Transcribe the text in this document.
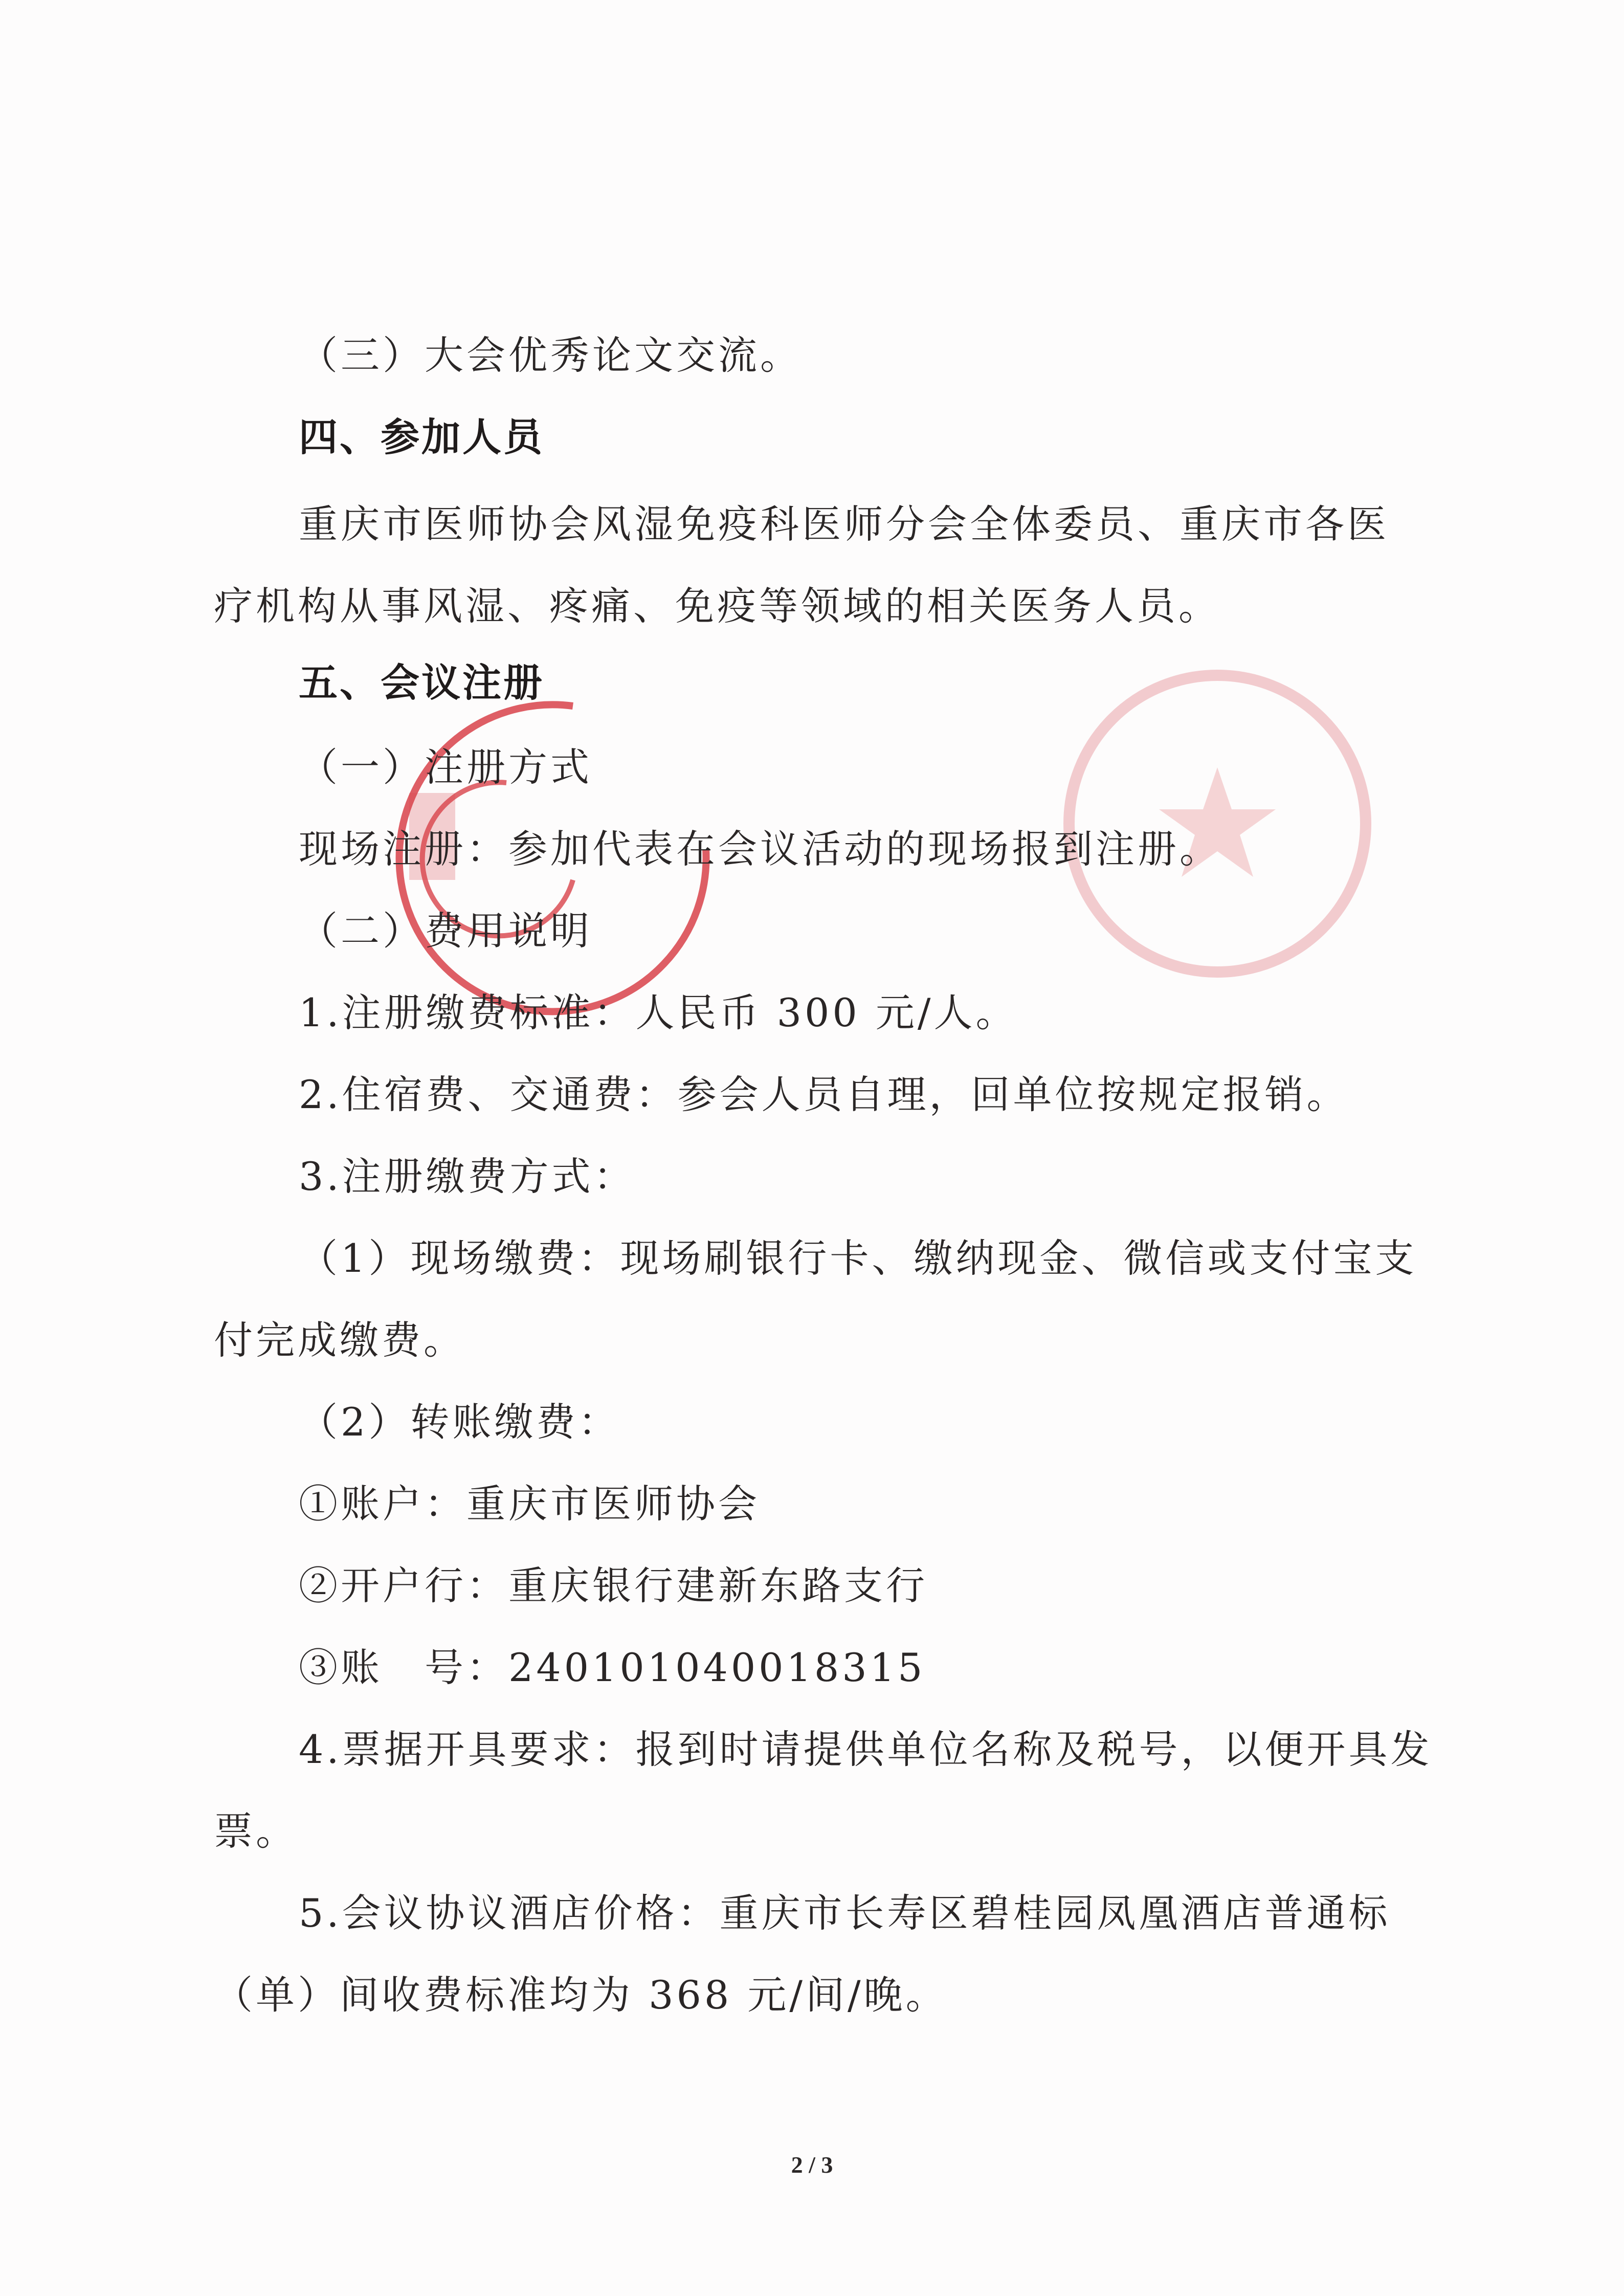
（三）大会优秀论文交流。
四、参加人员
重庆市医师协会风湿免疫科医师分会全体委员、重庆市各医
疗机构从事风湿、疼痛、免疫等领域的相关医务人员。
五、会议注册
（一）注册方式
现场注册：参加代表在会议活动的现场报到注册。
（二）费用说明
1.注册缴费标准：人民币 300 元/人。
2.住宿费、交通费：参会人员自理，回单位按规定报销。
3.注册缴费方式：
（1）现场缴费：现场刷银行卡、缴纳现金、微信或支付宝支
付完成缴费。
（2）转账缴费：
①账户：重庆市医师协会
②开户行：重庆银行建新东路支行
③账　号：240101040018315
4.票据开具要求：报到时请提供单位名称及税号，以便开具发
票。
5.会议协议酒店价格：重庆市长寿区碧桂园凤凰酒店普通标
（单）间收费标准均为 368 元/间/晚。
2 / 3
